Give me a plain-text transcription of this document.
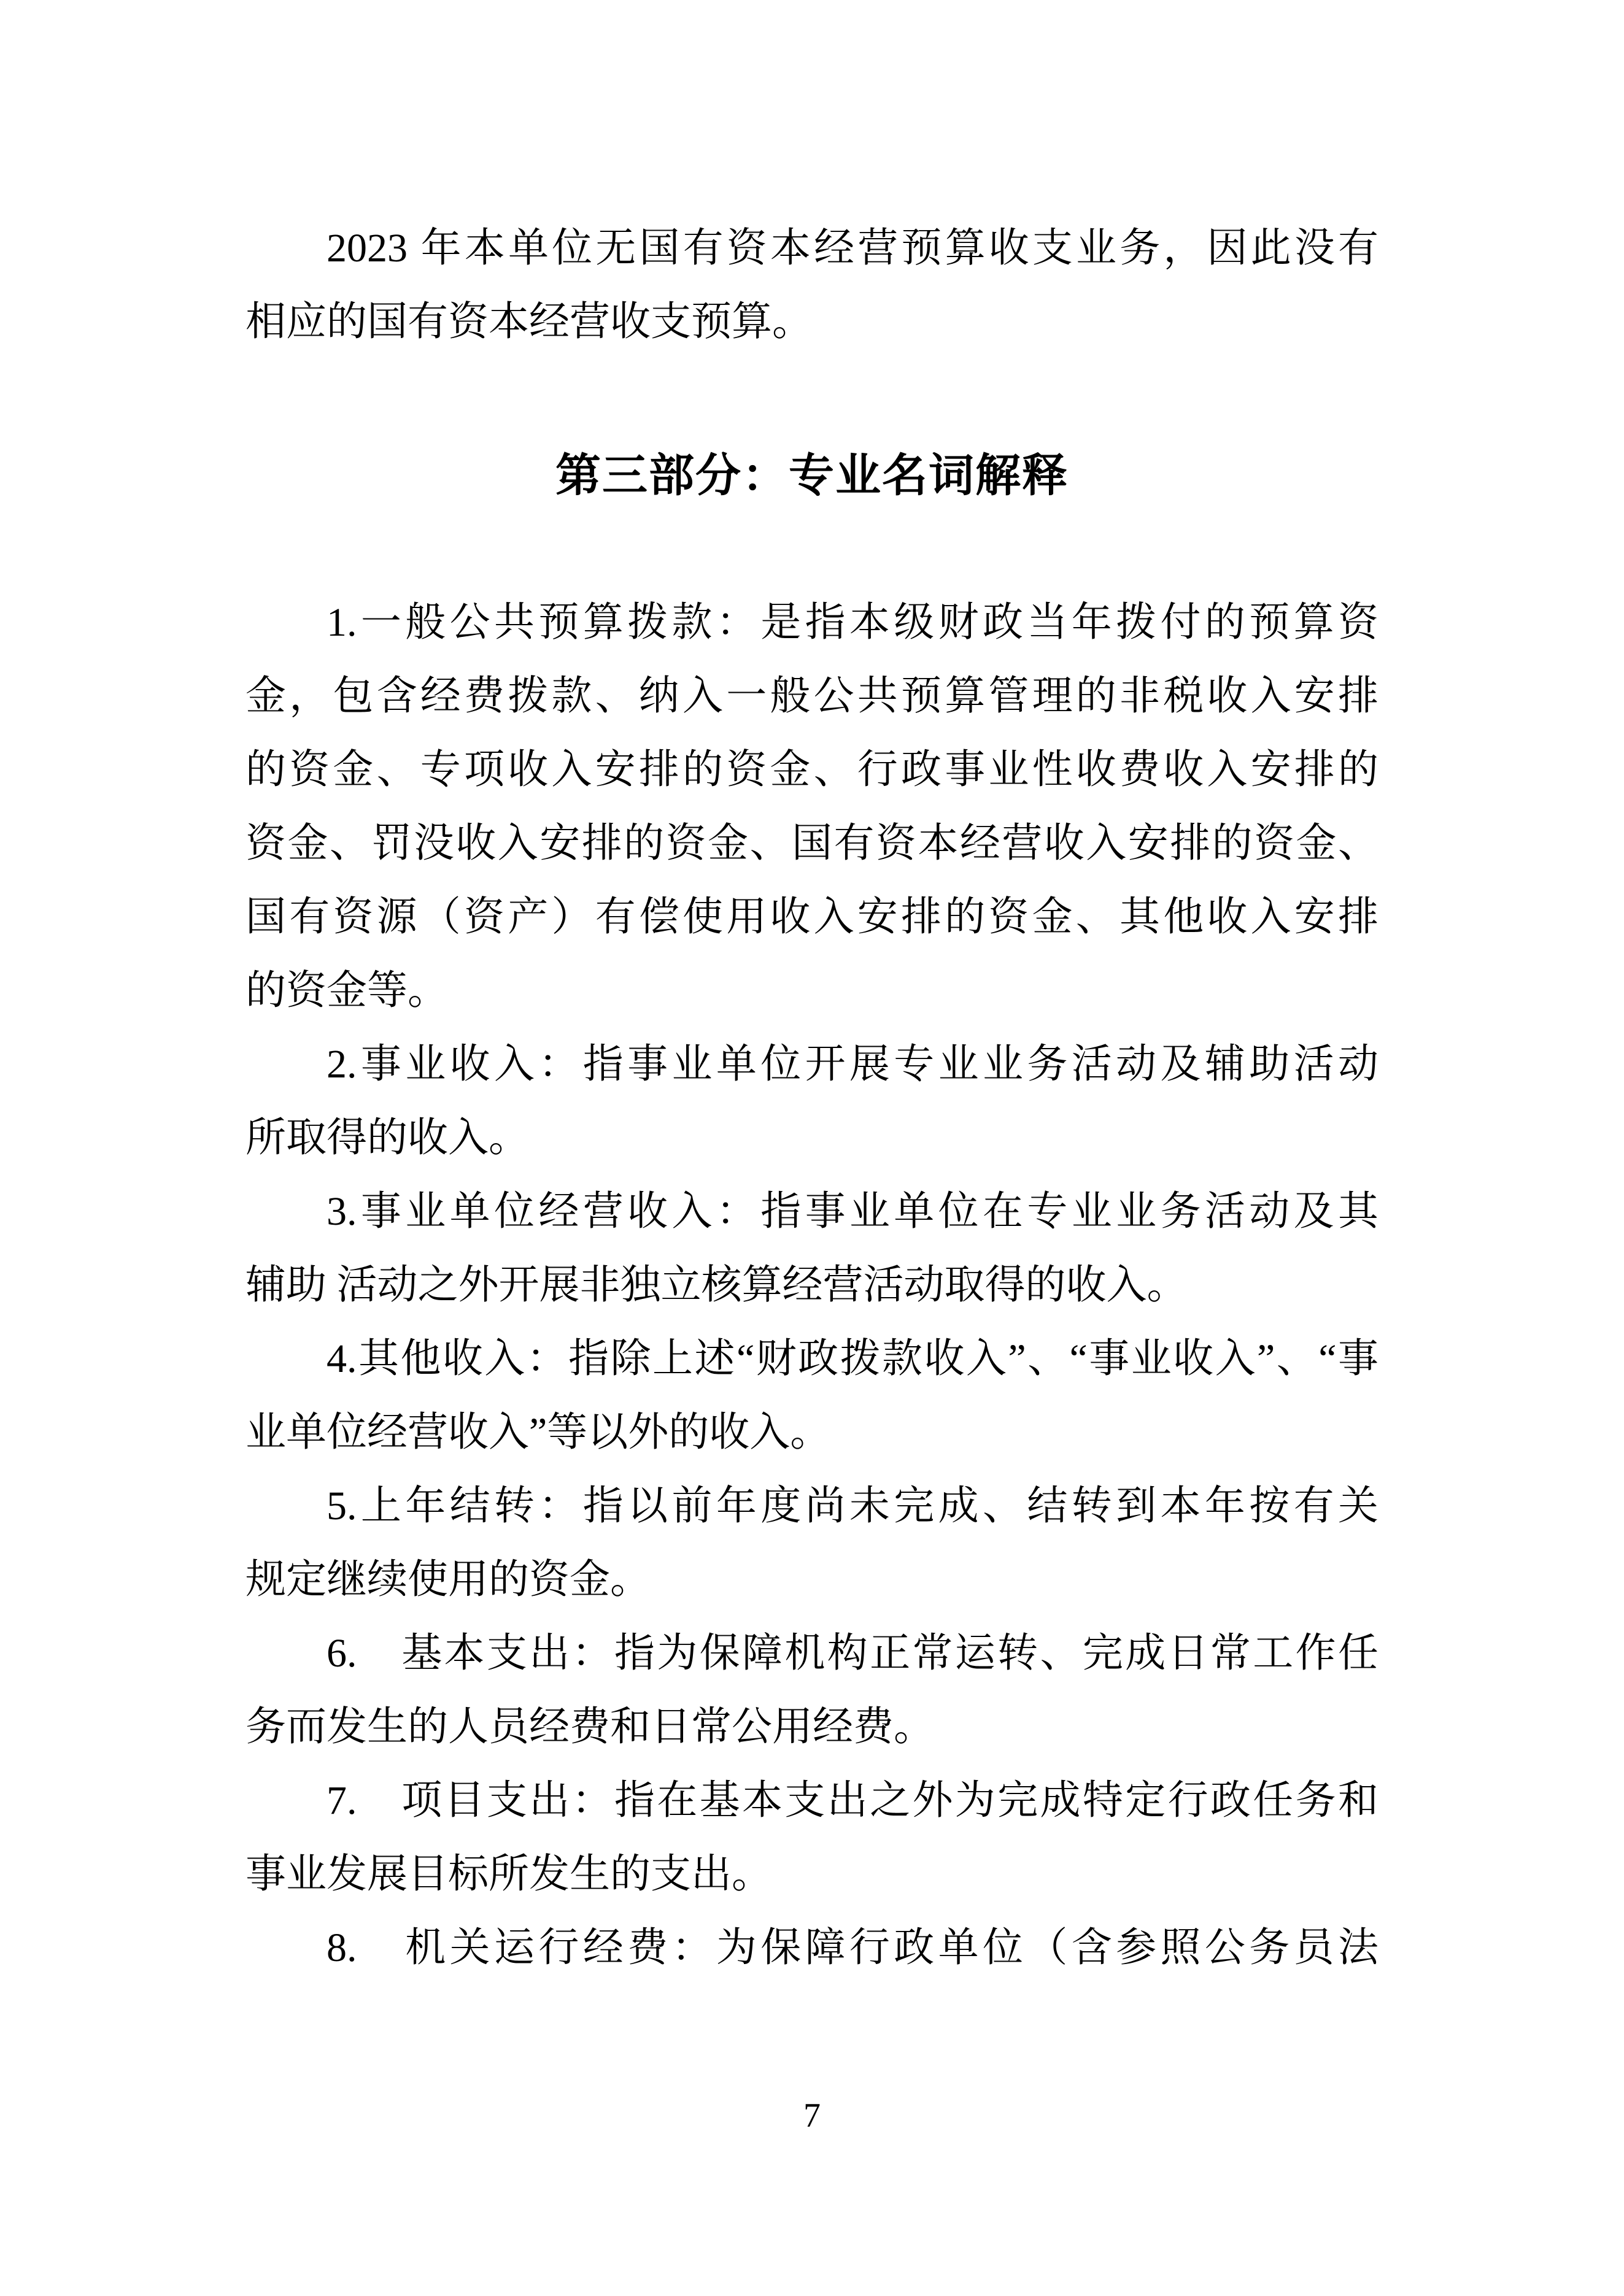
2023 年本单位无国有资本经营预算收支业务，因此没有
相应的国有资本经营收支预算。
第三部分：专业名词解释
1.一般公共预算拨款：是指本级财政当年拨付的预算资
金，包含经费拨款、纳入一般公共预算管理的非税收入安排
的资金、专项收入安排的资金、行政事业性收费收入安排的
资金、罚没收入安排的资金、国有资本经营收入安排的资金、
国有资源（资产）有偿使用收入安排的资金、其他收入安排
的资金等。
2.事业收入：指事业单位开展专业业务活动及辅助活动
所取得的收入。
3.事业单位经营收入：指事业单位在专业业务活动及其
辅助 活动之外开展非独立核算经营活动取得的收入。
4.其他收入：指除上述“财政拨款收入”、“事业收入”、“事
业单位经营收入”等以外的收入。
5.上年结转：指以前年度尚未完成、结转到本年按有关
规定继续使用的资金。
6.　基本支出：指为保障机构正常运转、完成日常工作任
务而发生的人员经费和日常公用经费。
7.　项目支出：指在基本支出之外为完成特定行政任务和
事业发展目标所发生的支出。
8.　机关运行经费：为保障行政单位（含参照公务员法
7
